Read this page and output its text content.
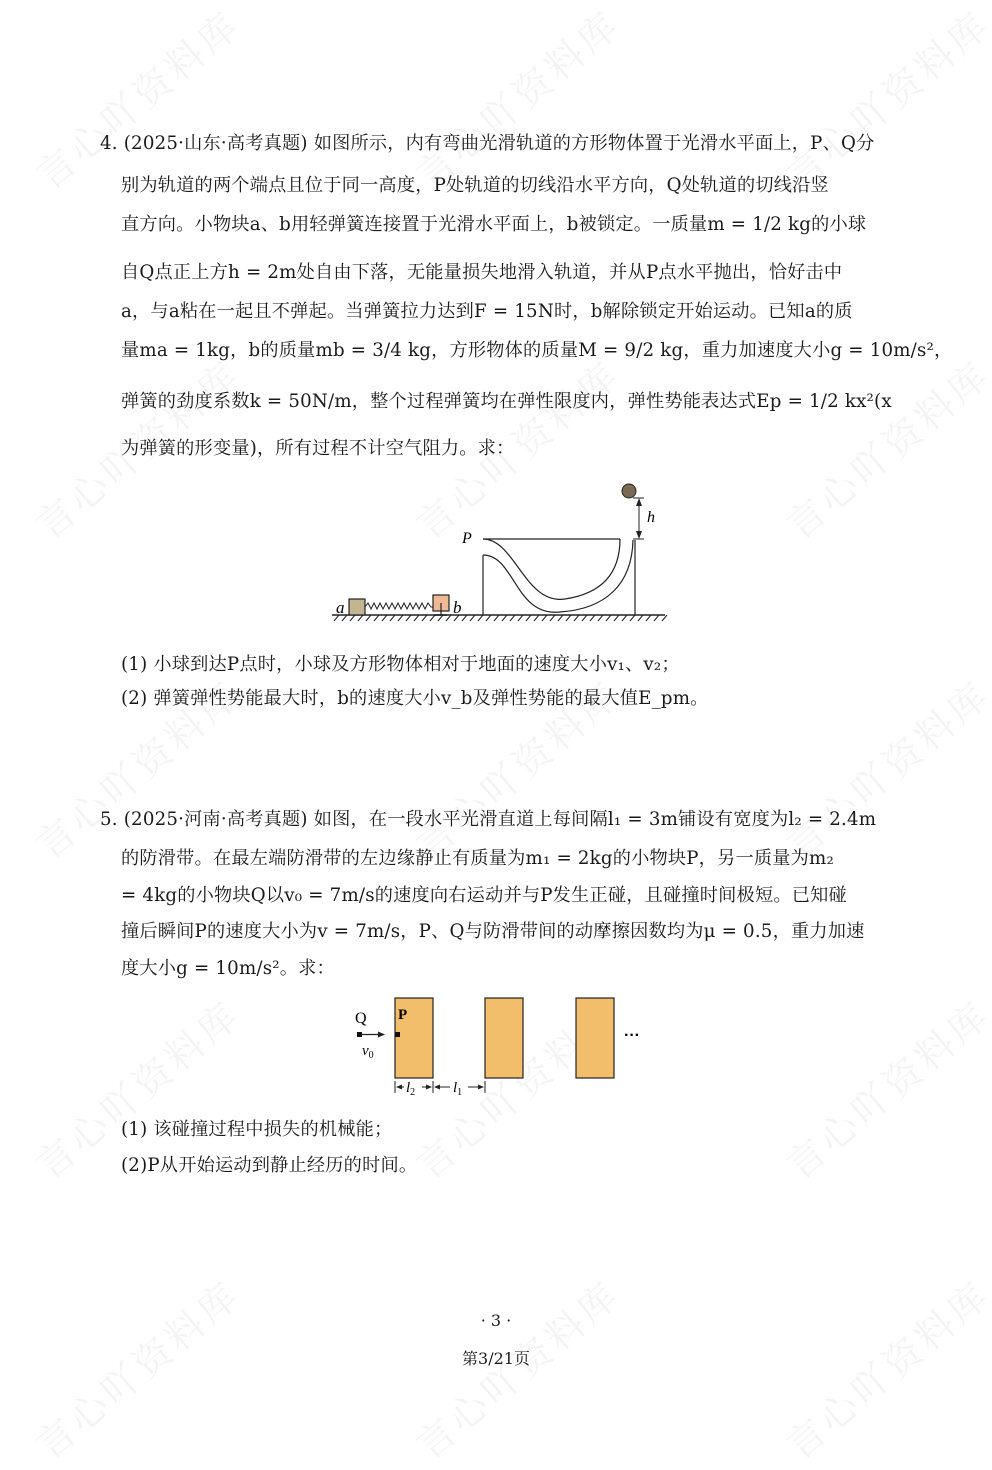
4. (2025·山东·高考真题) 如图所示，内有弯曲光滑轨道的方形物体置于光滑水平面上，P、Q分
别为轨道的两个端点且位于同一高度，P处轨道的切线沿水平方向，Q处轨道的切线沿竖
直方向。小物块a、b用轻弹簧连接置于光滑水平面上，b被锁定。一质量m = 1/2 kg的小球
自Q点正上方h = 2m处自由下落，无能量损失地滑入轨道，并从P点水平抛出，恰好击中
a，与a粘在一起且不弹起。当弹簧拉力达到F = 15N时，b解除锁定开始运动。已知a的质
量ma = 1kg，b的质量mb = 3/4 kg，方形物体的质量M = 9/2 kg，重力加速度大小g = 10m/s²，
弹簧的劲度系数k = 50N/m，整个过程弹簧均在弹性限度内，弹性势能表达式Ep = 1/2 kx²(x
为弹簧的形变量)，所有过程不计空气阻力。求：
a	b
P
h
(1) 小球到达P点时，小球及方形物体相对于地面的速度大小v₁、v₂；
(2) 弹簧弹性势能最大时，b的速度大小v_b及弹性势能的最大值E_pm。
5. (2025·河南·高考真题) 如图，在一段水平光滑直道上每间隔l₁ = 3m铺设有宽度为l₂ = 2.4m
的防滑带。在最左端防滑带的左边缘静止有质量为m₁ = 2kg的小物块P，另一质量为m₂
= 4kg的小物块Q以v₀ = 7m/s的速度向右运动并与P发生正碰，且碰撞时间极短。已知碰
撞后瞬间P的速度大小为v = 7m/s，P、Q与防滑带间的动摩擦因数均为μ = 0.5，重力加速
度大小g = 10m/s²。求：
···
Q
$v_0$
P
$l_2$	$l_1$
(1) 该碰撞过程中损失的机械能；
(2)P从开始运动到静止经历的时间。
· 3 ·
第3/21页
